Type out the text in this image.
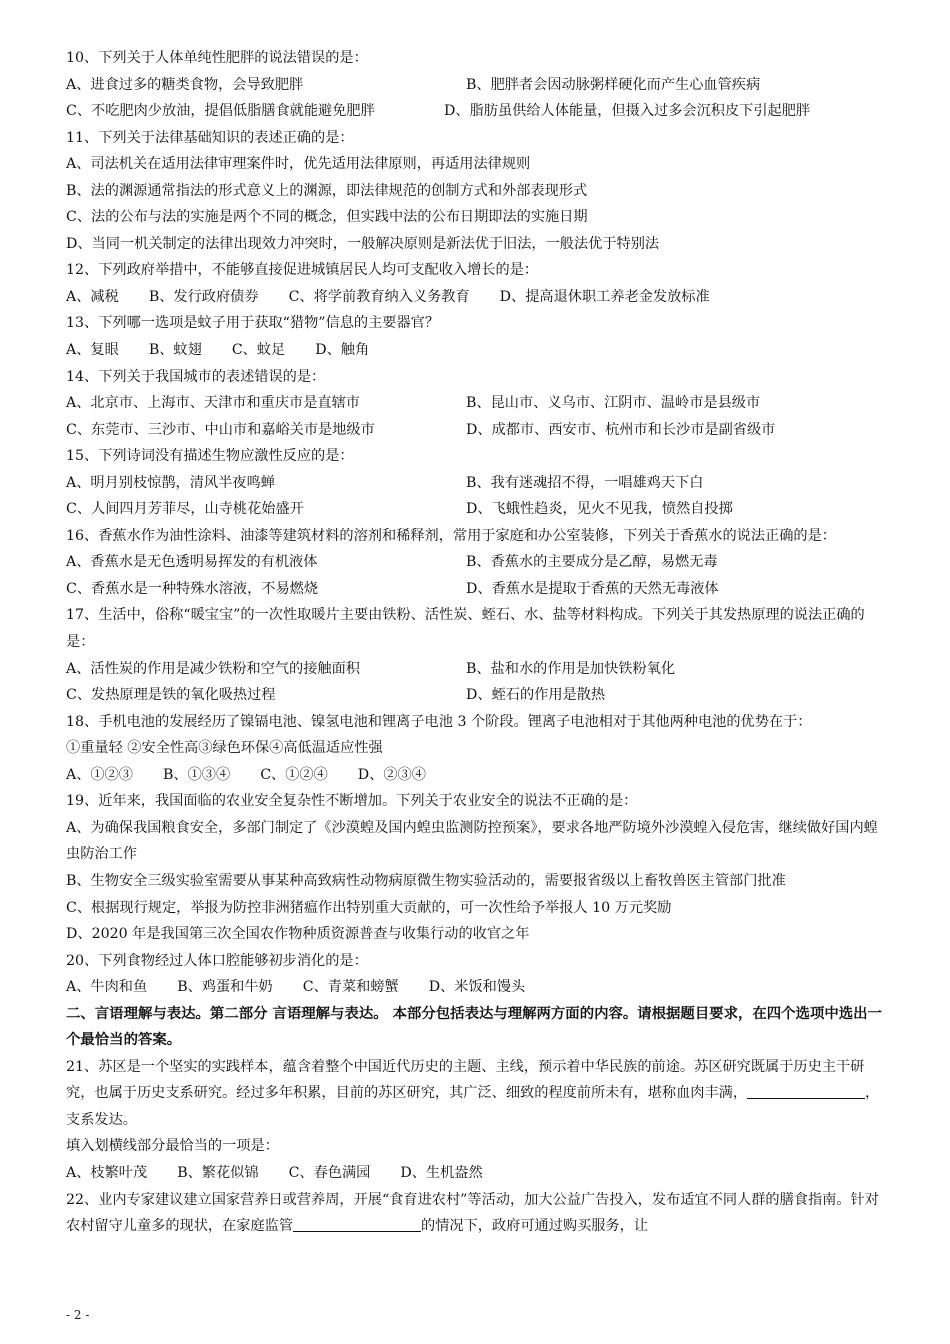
10、下列关于人体单纯性肥胖的说法错误的是：
A、进食过多的糖类食物，会导致肥胖	B、肥胖者会因动脉粥样硬化而产生心血管疾病
C、不吃肥肉少放油，提倡低脂膳食就能避免肥胖	D、脂肪虽供给人体能量，但摄入过多会沉积皮下引起肥胖
11、下列关于法律基础知识的表述正确的是：
A、司法机关在适用法律审理案件时，优先适用法律原则，再适用法律规则
B、法的渊源通常指法的形式意义上的渊源，即法律规范的创制方式和外部表现形式
C、法的公布与法的实施是两个不同的概念，但实践中法的公布日期即法的实施日期
D、当同一机关制定的法律出现效力冲突时，一般解决原则是新法优于旧法，一般法优于特别法
12、下列政府举措中，不能够直接促进城镇居民人均可支配收入增长的是：
A、减税 B、发行政府债券 C、将学前教育纳入义务教育 D、提高退休职工养老金发放标准
13、下列哪一选项是蚊子用于获取“猎物”信息的主要器官？
A、复眼 B、蚊翅 C、蚊足 D、触角
14、下列关于我国城市的表述错误的是：
A、北京市、上海市、天津市和重庆市是直辖市	B、昆山市、义乌市、江阴市、温岭市是县级市
C、东莞市、三沙市、中山市和嘉峪关市是地级市	D、成都市、西安市、杭州市和长沙市是副省级市
15、下列诗词没有描述生物应激性反应的是：
A、明月别枝惊鹊，清风半夜鸣蝉	B、我有迷魂招不得，一唱雄鸡天下白
C、人间四月芳菲尽，山寺桃花始盛开	D、飞蛾性趋炎，见火不见我，愤然自投掷
16、香蕉水作为油性涂料、油漆等建筑材料的溶剂和稀释剂，常用于家庭和办公室装修，下列关于香蕉水的说法正确的是：
A、香蕉水是无色透明易挥发的有机液体	B、香蕉水的主要成分是乙醇，易燃无毒
C、香蕉水是一种特殊水溶液，不易燃烧	D、香蕉水是提取于香蕉的天然无毒液体
17、生活中，俗称“暖宝宝”的一次性取暖片主要由铁粉、活性炭、蛭石、水、盐等材料构成。下列关于其发热原理的说法正确的是：
A、活性炭的作用是减少铁粉和空气的接触面积	B、盐和水的作用是加快铁粉氧化
C、发热原理是铁的氧化吸热过程	D、蛭石的作用是散热
18、手机电池的发展经历了镍镉电池、镍氢电池和锂离子电池 3 个阶段。锂离子电池相对于其他两种电池的优势在于：
①重量轻 ②安全性高③绿色环保④高低温适应性强
A、①②③ B、①③④ C、①②④ D、②③④
19、近年来，我国面临的农业安全复杂性不断增加。下列关于农业安全的说法不正确的是：
A、为确保我国粮食安全，多部门制定了《沙漠蝗及国内蝗虫监测防控预案》，要求各地严防境外沙漠蝗入侵危害，继续做好国内蝗虫防治工作
B、生物安全三级实验室需要从事某种高致病性动物病原微生物实验活动的，需要报省级以上畜牧兽医主管部门批准
C、根据现行规定，举报为防控非洲猪瘟作出特别重大贡献的，可一次性给予举报人 10 万元奖励
D、2020 年是我国第三次全国农作物种质资源普查与收集行动的收官之年
20、下列食物经过人体口腔能够初步消化的是：
A、牛肉和鱼 B、鸡蛋和牛奶 C、青菜和螃蟹 D、米饭和馒头
二、言语理解与表达。第二部分 言语理解与表达。 本部分包括表达与理解两方面的内容。请根据题目要求，在四个选项中选出一个最恰当的答案。
21、苏区是一个坚实的实践样本，蕴含着整个中国近代历史的主题、主线，预示着中华民族的前途。苏区研究既属于历史主干研究，也属于历史支系研究。经过多年积累，目前的苏区研究，其广泛、细致的程度前所未有，堪称血肉丰满，	，支系发达。
填入划横线部分最恰当的一项是：
A、枝繁叶茂 B、繁花似锦 C、春色满园 D、生机盎然
22、业内专家建议建立国家营养日或营养周，开展“食育进农村”等活动，加大公益广告投入，发布适宜不同人群的膳食指南。针对农村留守儿童多的现状，在家庭监管	的情况下，政府可通过购买服务，让
- 2 -
